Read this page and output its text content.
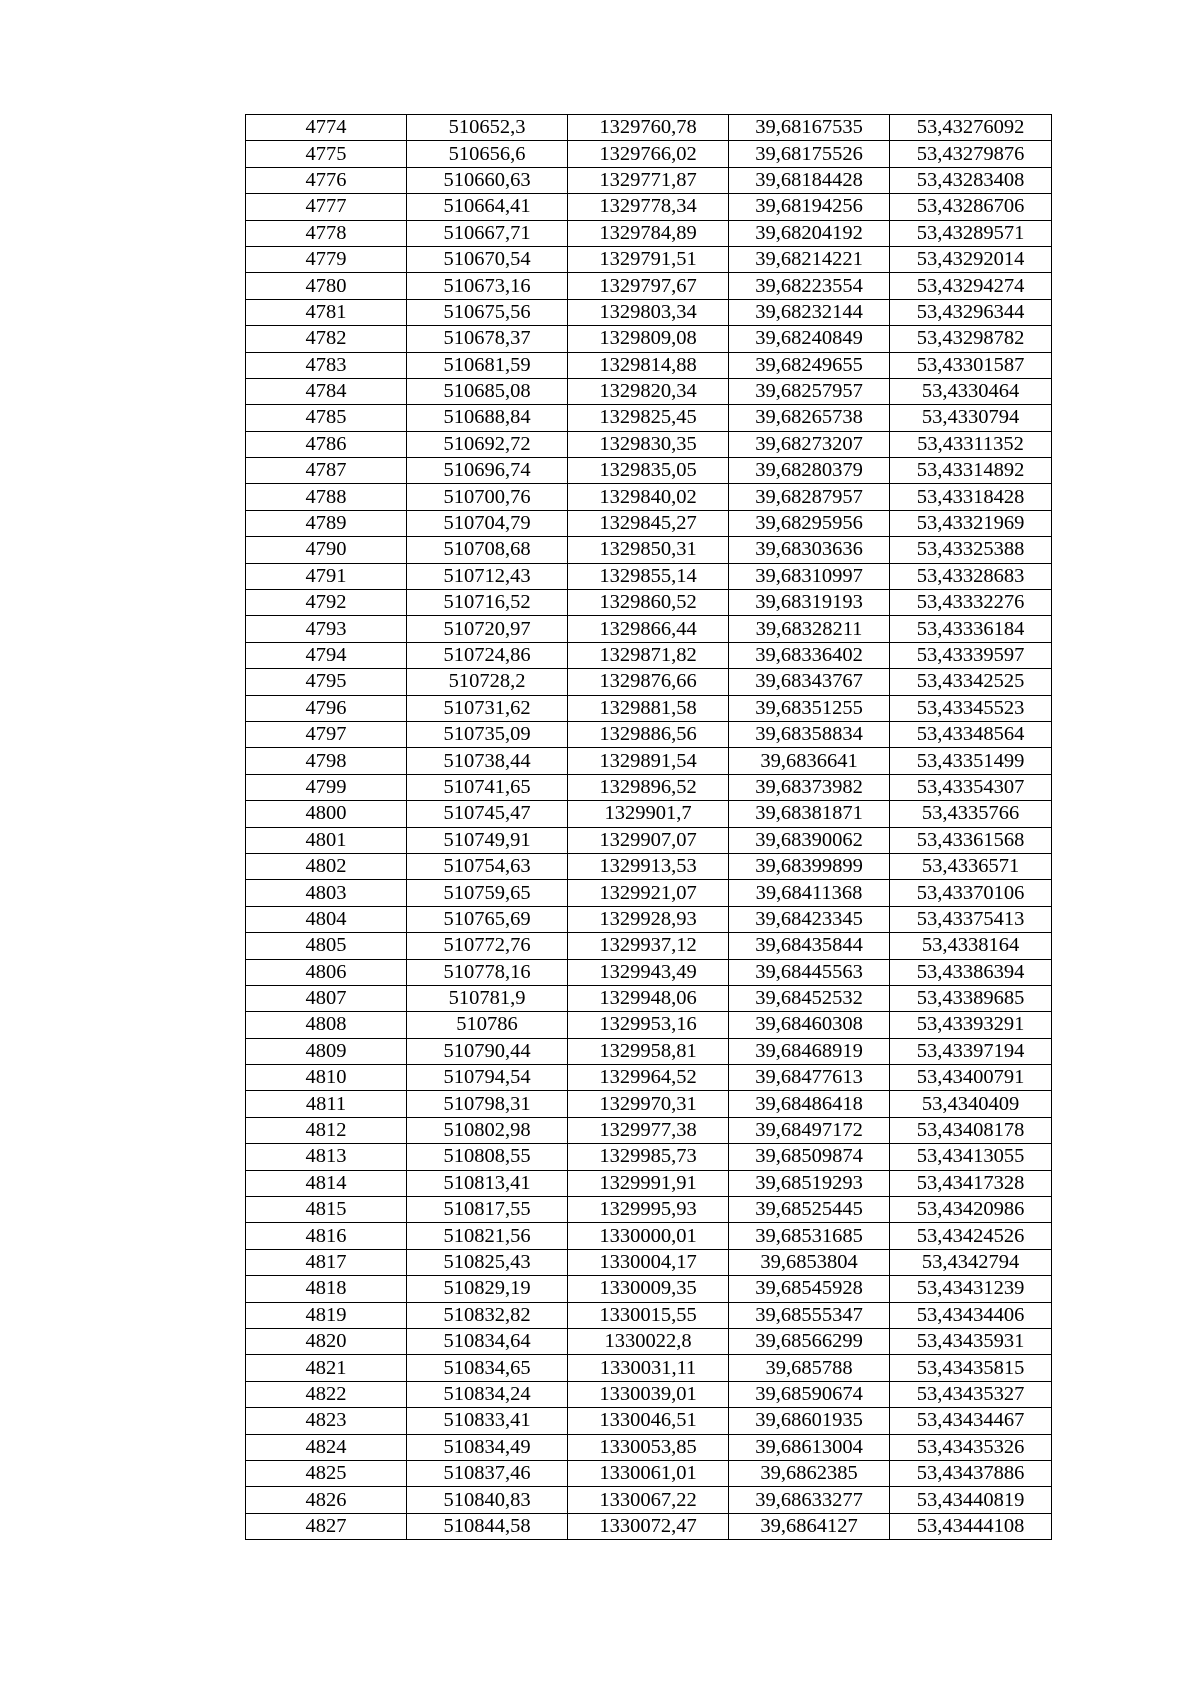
4774	510652,3	1329760,78	39,68167535	53,43276092
4775	510656,6	1329766,02	39,68175526	53,43279876
4776	510660,63	1329771,87	39,68184428	53,43283408
4777	510664,41	1329778,34	39,68194256	53,43286706
4778	510667,71	1329784,89	39,68204192	53,43289571
4779	510670,54	1329791,51	39,68214221	53,43292014
4780	510673,16	1329797,67	39,68223554	53,43294274
4781	510675,56	1329803,34	39,68232144	53,43296344
4782	510678,37	1329809,08	39,68240849	53,43298782
4783	510681,59	1329814,88	39,68249655	53,43301587
4784	510685,08	1329820,34	39,68257957	53,4330464
4785	510688,84	1329825,45	39,68265738	53,4330794
4786	510692,72	1329830,35	39,68273207	53,43311352
4787	510696,74	1329835,05	39,68280379	53,43314892
4788	510700,76	1329840,02	39,68287957	53,43318428
4789	510704,79	1329845,27	39,68295956	53,43321969
4790	510708,68	1329850,31	39,68303636	53,43325388
4791	510712,43	1329855,14	39,68310997	53,43328683
4792	510716,52	1329860,52	39,68319193	53,43332276
4793	510720,97	1329866,44	39,68328211	53,43336184
4794	510724,86	1329871,82	39,68336402	53,43339597
4795	510728,2	1329876,66	39,68343767	53,43342525
4796	510731,62	1329881,58	39,68351255	53,43345523
4797	510735,09	1329886,56	39,68358834	53,43348564
4798	510738,44	1329891,54	39,6836641	53,43351499
4799	510741,65	1329896,52	39,68373982	53,43354307
4800	510745,47	1329901,7	39,68381871	53,4335766
4801	510749,91	1329907,07	39,68390062	53,43361568
4802	510754,63	1329913,53	39,68399899	53,4336571
4803	510759,65	1329921,07	39,68411368	53,43370106
4804	510765,69	1329928,93	39,68423345	53,43375413
4805	510772,76	1329937,12	39,68435844	53,4338164
4806	510778,16	1329943,49	39,68445563	53,43386394
4807	510781,9	1329948,06	39,68452532	53,43389685
4808	510786	1329953,16	39,68460308	53,43393291
4809	510790,44	1329958,81	39,68468919	53,43397194
4810	510794,54	1329964,52	39,68477613	53,43400791
4811	510798,31	1329970,31	39,68486418	53,4340409
4812	510802,98	1329977,38	39,68497172	53,43408178
4813	510808,55	1329985,73	39,68509874	53,43413055
4814	510813,41	1329991,91	39,68519293	53,43417328
4815	510817,55	1329995,93	39,68525445	53,43420986
4816	510821,56	1330000,01	39,68531685	53,43424526
4817	510825,43	1330004,17	39,6853804	53,4342794
4818	510829,19	1330009,35	39,68545928	53,43431239
4819	510832,82	1330015,55	39,68555347	53,43434406
4820	510834,64	1330022,8	39,68566299	53,43435931
4821	510834,65	1330031,11	39,685788	53,43435815
4822	510834,24	1330039,01	39,68590674	53,43435327
4823	510833,41	1330046,51	39,68601935	53,43434467
4824	510834,49	1330053,85	39,68613004	53,43435326
4825	510837,46	1330061,01	39,6862385	53,43437886
4826	510840,83	1330067,22	39,68633277	53,43440819
4827	510844,58	1330072,47	39,6864127	53,43444108
